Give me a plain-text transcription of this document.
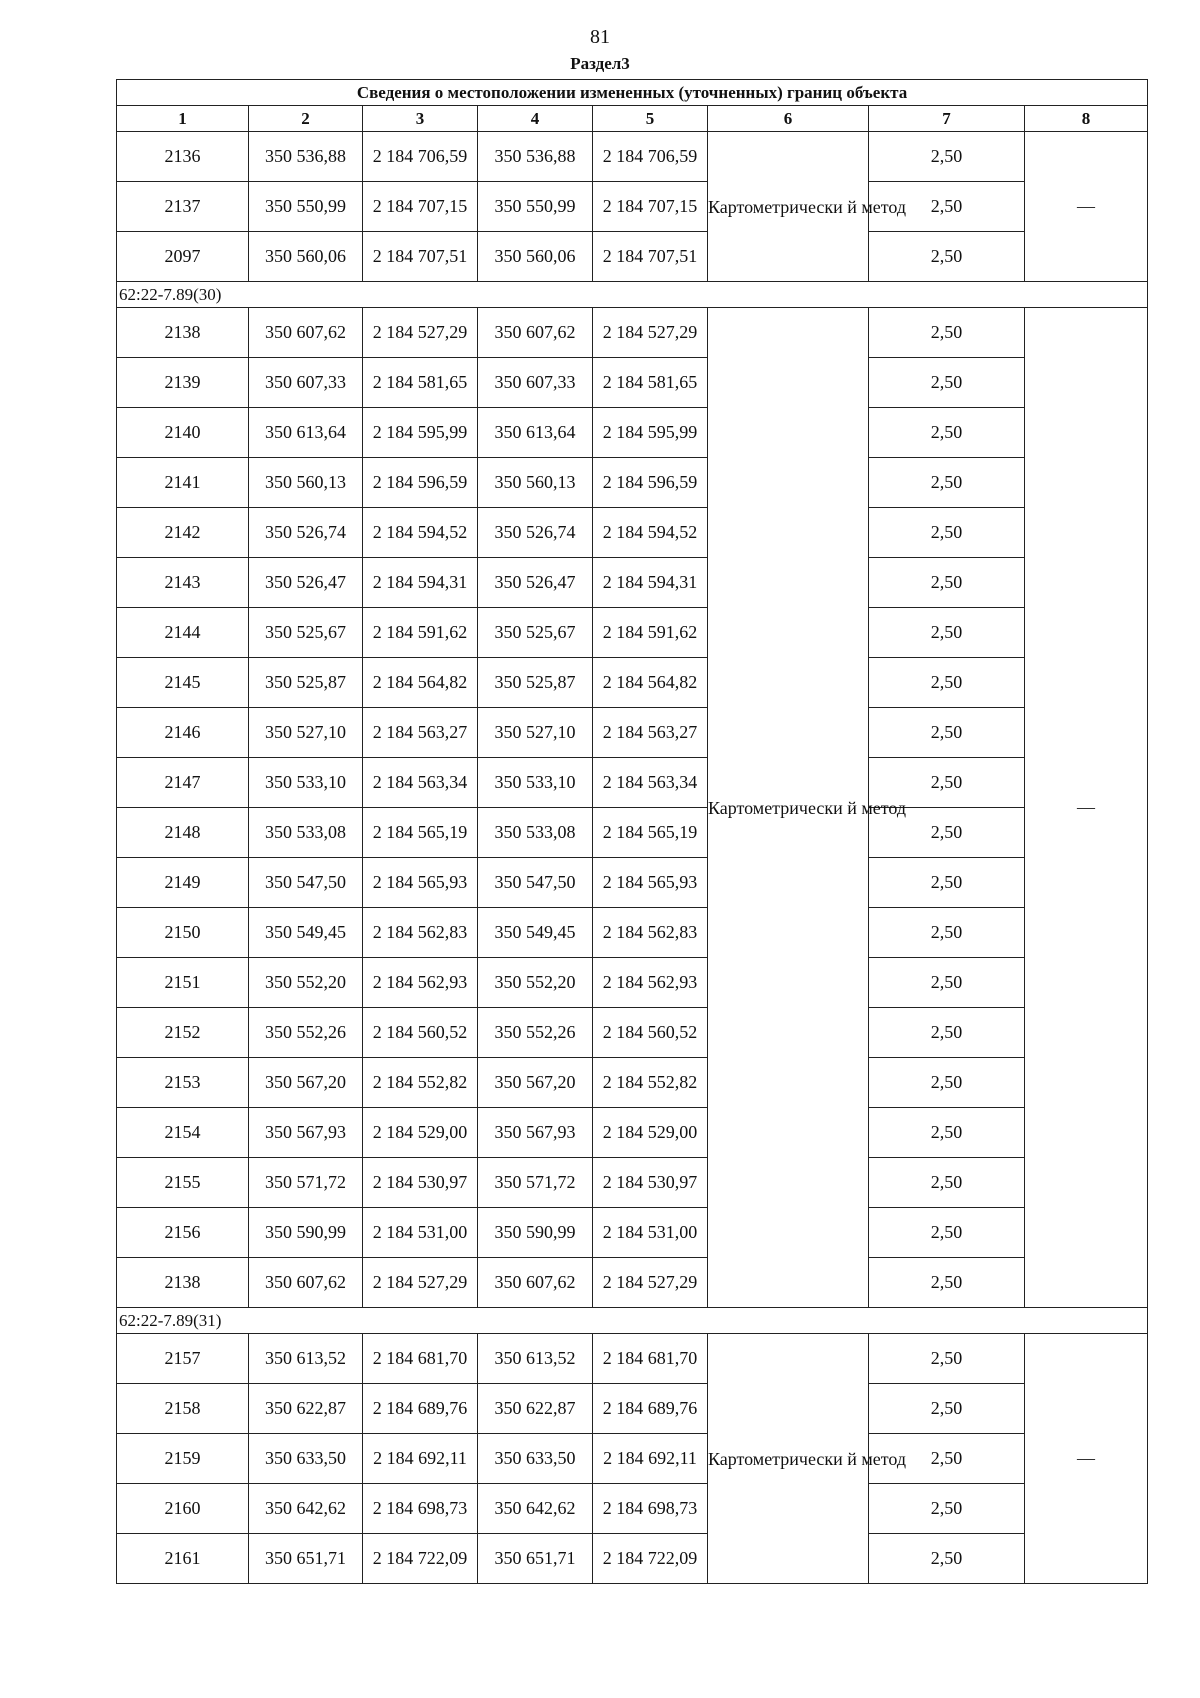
81
Раздел3
Сведения о местоположении измененных (уточненных) границ объекта							
1	2	3	4	5	6	7	8
2136	350 536,88	2 184 706,59	350 536,88	2 184 706,59	Картометрически й метод	2,50	—
2137	350 550,99	2 184 707,15	350 550,99	2 184 707,15		2,50	
2097	350 560,06	2 184 707,51	350 560,06	2 184 707,51		2,50	
62:22-7.89(30)							
2138	350 607,62	2 184 527,29	350 607,62	2 184 527,29	Картометрически й метод	2,50	—
2139	350 607,33	2 184 581,65	350 607,33	2 184 581,65		2,50	
2140	350 613,64	2 184 595,99	350 613,64	2 184 595,99		2,50	
2141	350 560,13	2 184 596,59	350 560,13	2 184 596,59		2,50	
2142	350 526,74	2 184 594,52	350 526,74	2 184 594,52		2,50	
2143	350 526,47	2 184 594,31	350 526,47	2 184 594,31		2,50	
2144	350 525,67	2 184 591,62	350 525,67	2 184 591,62		2,50	
2145	350 525,87	2 184 564,82	350 525,87	2 184 564,82		2,50	
2146	350 527,10	2 184 563,27	350 527,10	2 184 563,27		2,50	
2147	350 533,10	2 184 563,34	350 533,10	2 184 563,34		2,50	
2148	350 533,08	2 184 565,19	350 533,08	2 184 565,19		2,50	
2149	350 547,50	2 184 565,93	350 547,50	2 184 565,93		2,50	
2150	350 549,45	2 184 562,83	350 549,45	2 184 562,83		2,50	
2151	350 552,20	2 184 562,93	350 552,20	2 184 562,93		2,50	
2152	350 552,26	2 184 560,52	350 552,26	2 184 560,52		2,50	
2153	350 567,20	2 184 552,82	350 567,20	2 184 552,82		2,50	
2154	350 567,93	2 184 529,00	350 567,93	2 184 529,00		2,50	
2155	350 571,72	2 184 530,97	350 571,72	2 184 530,97		2,50	
2156	350 590,99	2 184 531,00	350 590,99	2 184 531,00		2,50	
2138	350 607,62	2 184 527,29	350 607,62	2 184 527,29		2,50	
62:22-7.89(31)							
2157	350 613,52	2 184 681,70	350 613,52	2 184 681,70	Картометрически й метод	2,50	—
2158	350 622,87	2 184 689,76	350 622,87	2 184 689,76		2,50	
2159	350 633,50	2 184 692,11	350 633,50	2 184 692,11		2,50	
2160	350 642,62	2 184 698,73	350 642,62	2 184 698,73		2,50	
2161	350 651,71	2 184 722,09	350 651,71	2 184 722,09		2,50	
